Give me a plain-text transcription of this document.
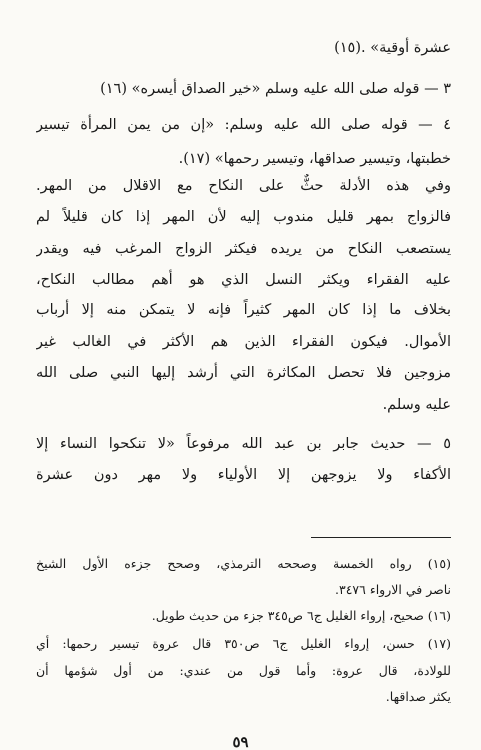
عشرة أوقية» .(١٥)
٣ — قوله صلى الله عليه وسلم «خير الصداق أيسره» (١٦)
٤ — قوله صلى الله عليه وسلم: «إن من يمن المرأة تيسير
خطبتها، وتيسير صداقها، وتيسير رحمها» (١٧).
وفي هذه الأدلة حثٌّ على النكاح مع الاقلال من المهر.
فالزواج بمهر قليل مندوب إليه لأن المهر إذا كان قليلاً لم
يستصعب النكاح من يريده فيكثر الزواج المرغب فيه ويقدر
عليه الفقراء ويكثر النسل الذي هو أهم مطالب النكاح،
بخلاف ما إذا كان المهر كثيراً فإنه لا يتمكن منه إلا أرباب
الأموال. فيكون الفقراء الذين هم الأكثر في الغالب غير
مزوجين فلا تحصل المكاثرة التي أرشد إليها النبي صلى الله
عليه وسلم.
٥ — حديث جابر بن عبد الله مرفوعاً «لا تنكحوا النساء إلا
الأكفاء ولا يزوجهن إلا الأولياء ولا مهر دون عشرة
(١٥) رواه الخمسة وصححه الترمذي، وصحح جزءه الأول الشيخ
ناصر في الارواء ٣٤٧٦.
(١٦) صحيح، إرواء الغليل ج٦ ص٣٤٥ جزء من حديث طويل.
(١٧) حسن، إرواء الغليل ج٦ ص٣٥٠ قال عروة تيسير رحمها: أي
للولادة، قال عروة: وأما قول من عندي: من أول شؤمها أن
يكثر صداقها.
٥٩
